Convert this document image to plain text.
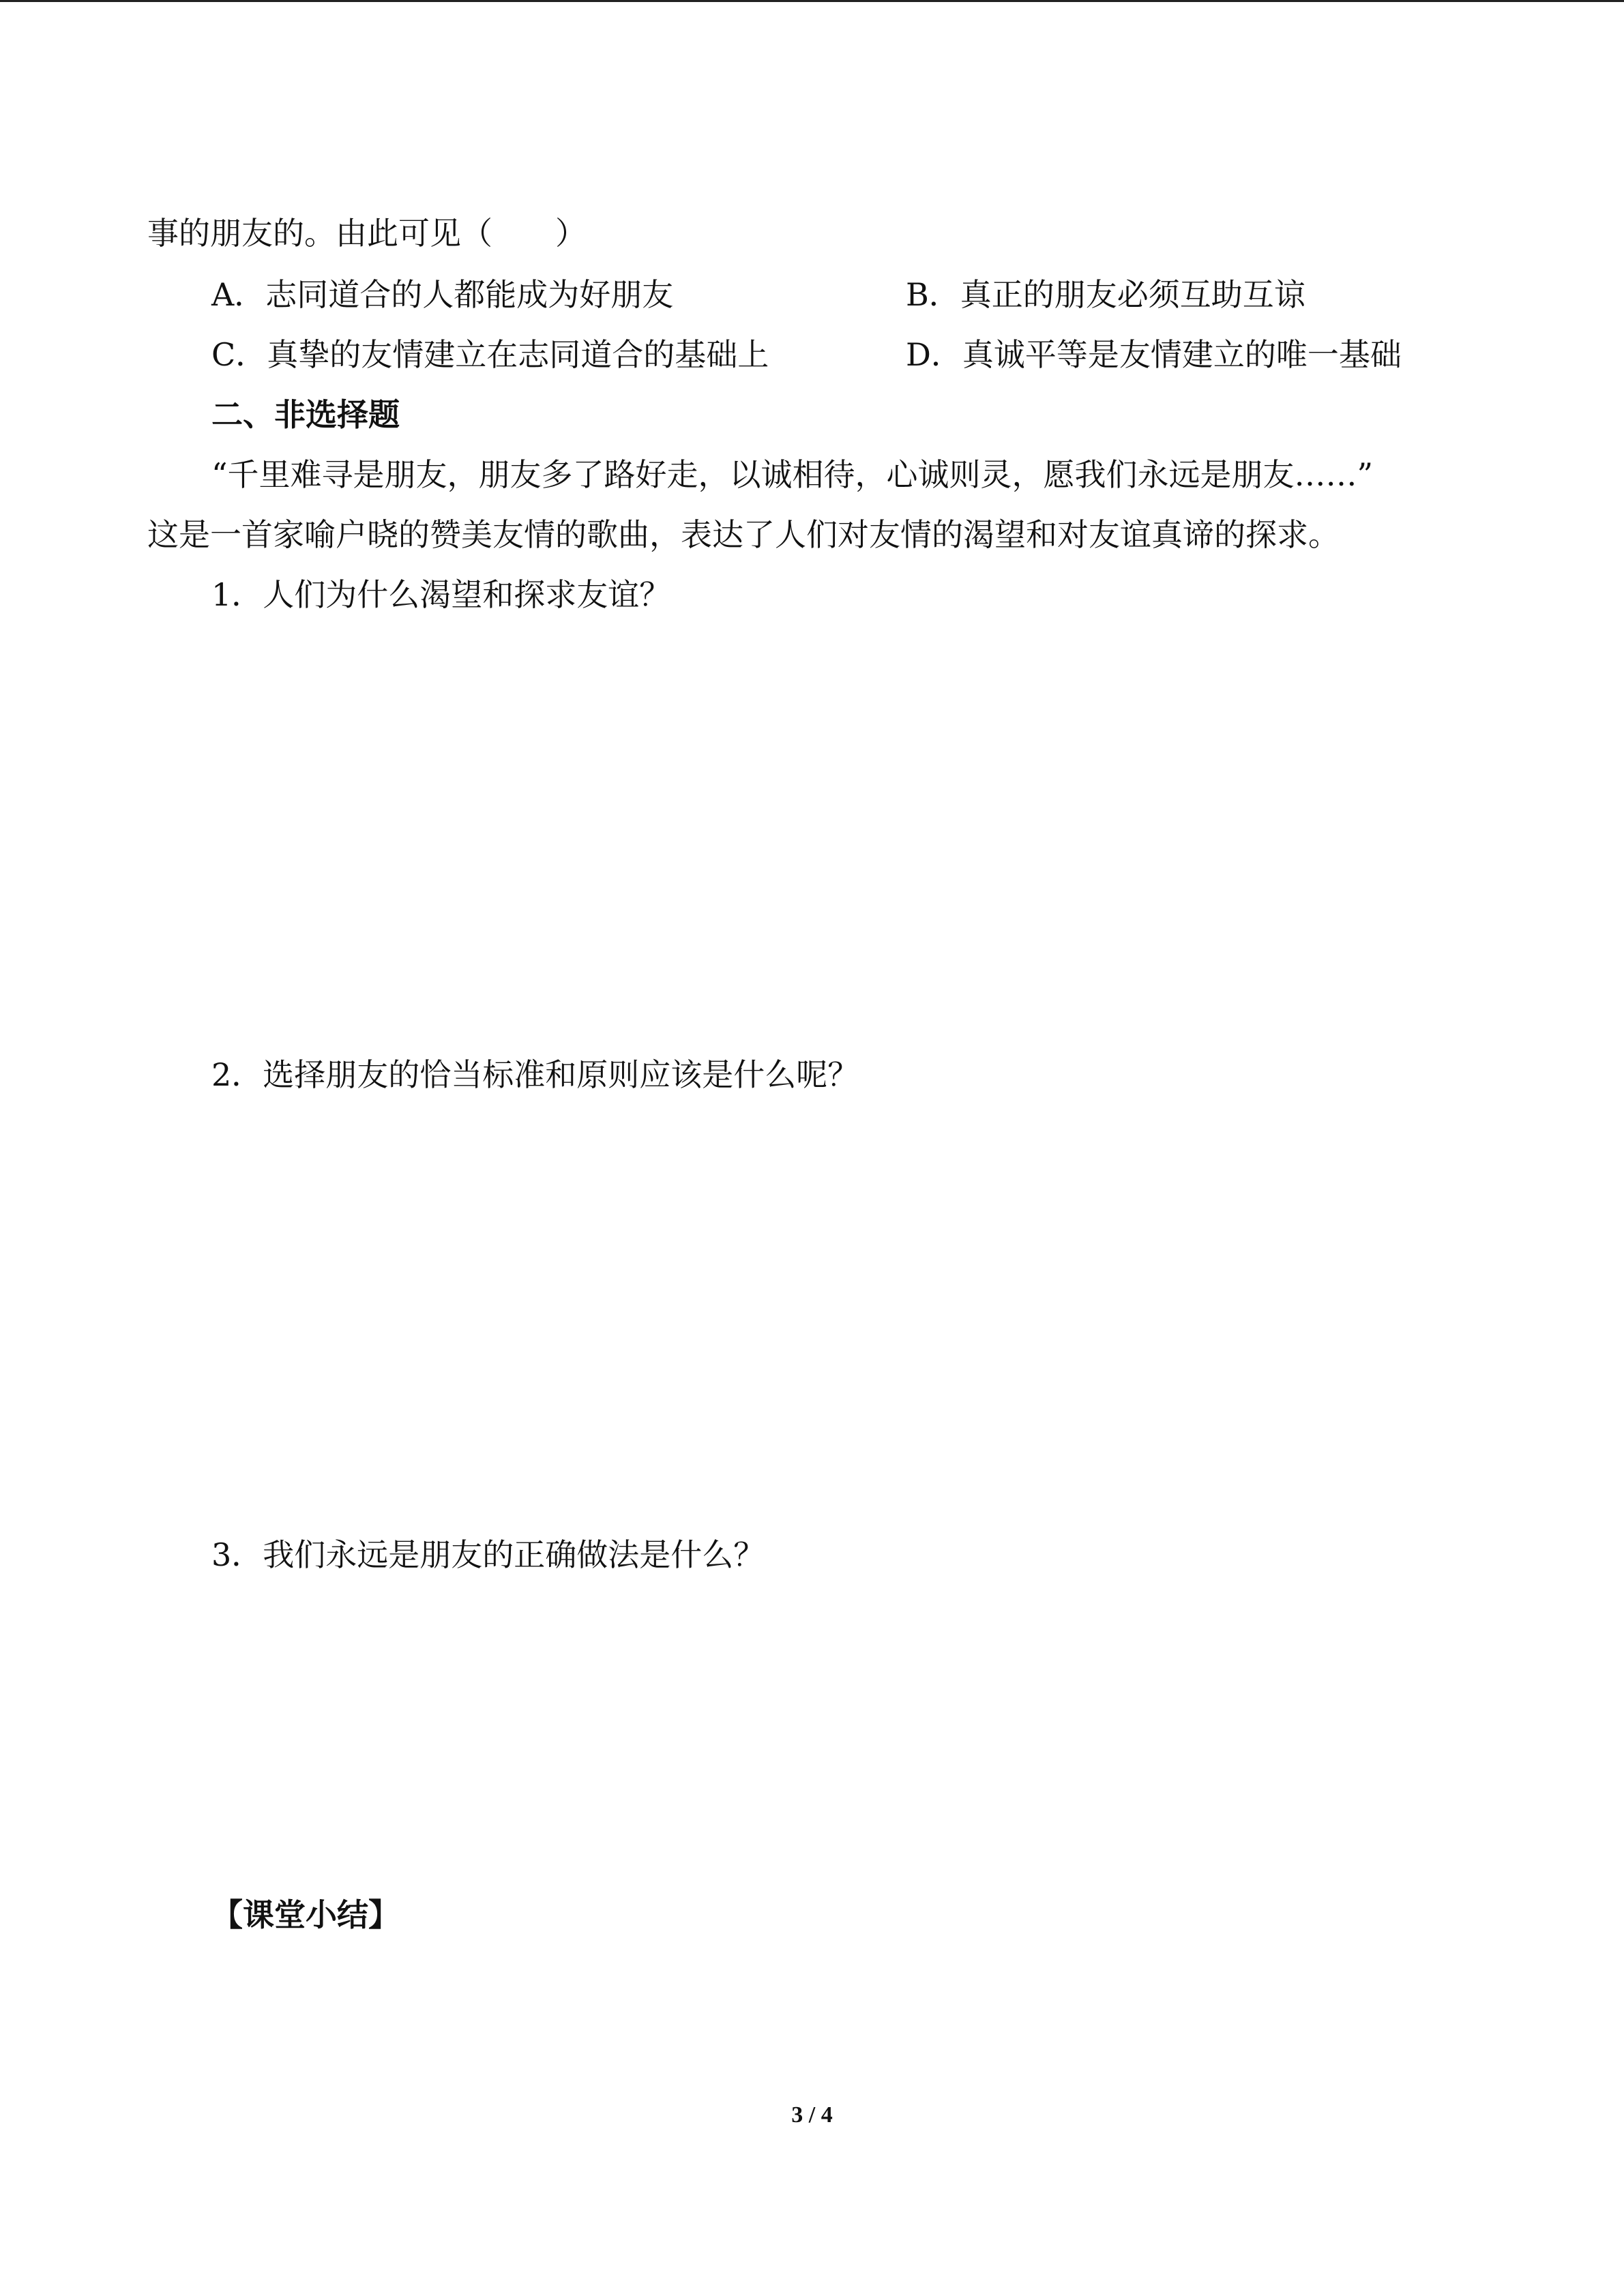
事的朋友的。由此可见（　　）
A．志同道合的人都能成为好朋友	B．真正的朋友必须互助互谅
C．真挚的友情建立在志同道合的基础上	D．真诚平等是友情建立的唯一基础
二、非选择题
“千里难寻是朋友，朋友多了路好走，以诚相待，心诚则灵，愿我们永远是朋友……”
这是一首家喻户晓的赞美友情的歌曲，表达了人们对友情的渴望和对友谊真谛的探求。
1．人们为什么渴望和探求友谊？
2．选择朋友的恰当标准和原则应该是什么呢？
3．我们永远是朋友的正确做法是什么？
【课堂小结】
3 / 4
